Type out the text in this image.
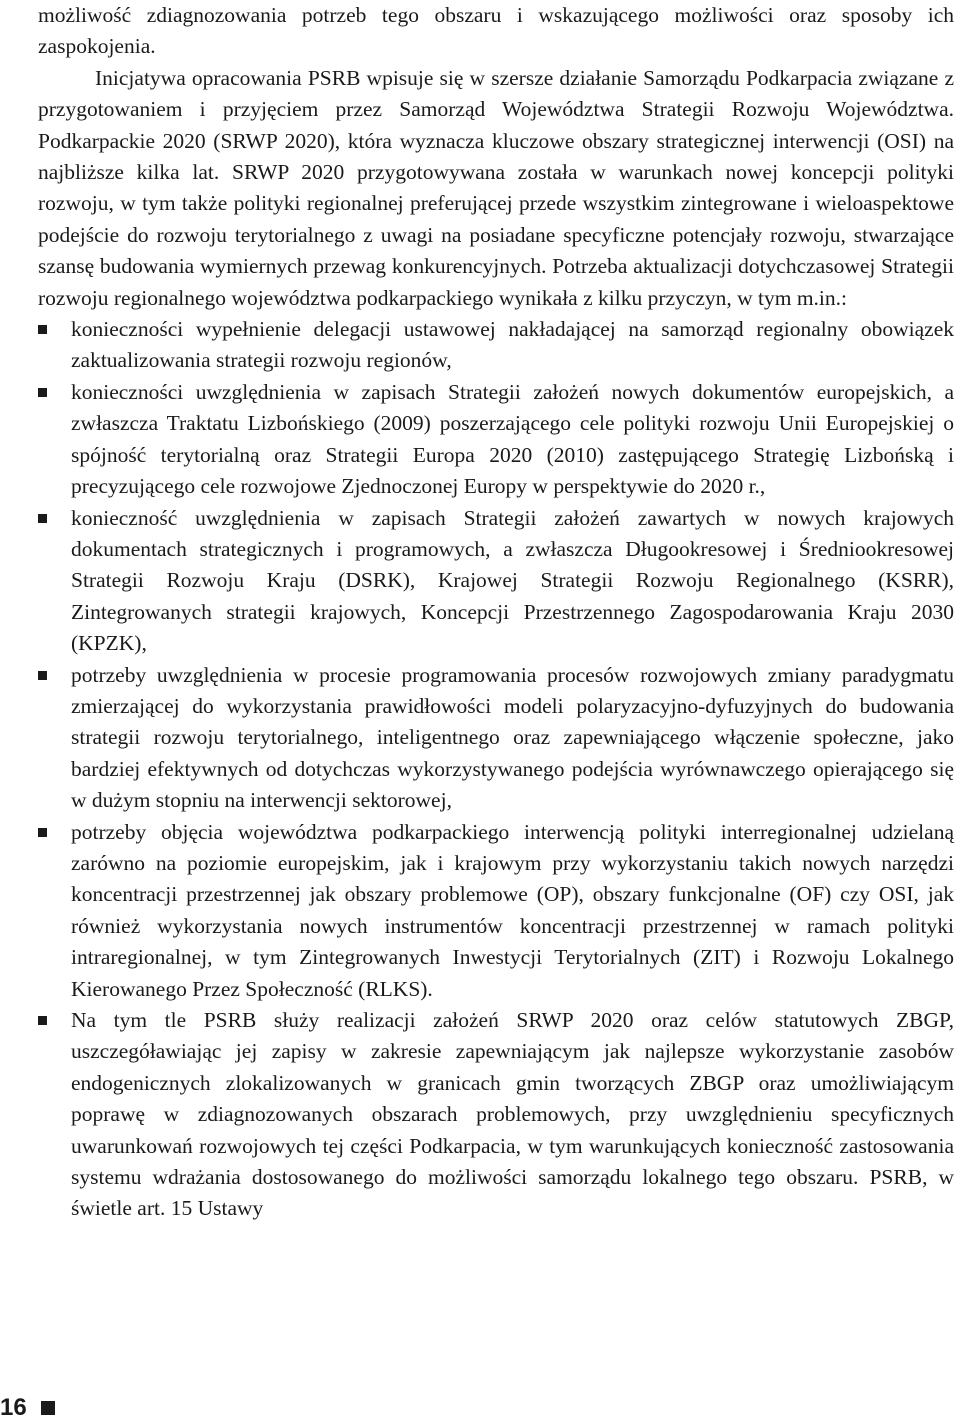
możliwość zdiagnozowania potrzeb tego obszaru i wskazującego możliwości oraz sposoby ich zaspokojenia.

Inicjatywa opracowania PSRB wpisuje się w szersze działanie Samorządu Podkarpacia związane z przygotowaniem i przyjęciem przez Samorząd Województwa Strategii Rozwoju Województwa. Podkarpackie 2020 (SRWP 2020), która wyznacza kluczowe obszary strategicznej interwencji (OSI) na najbliższe kilka lat. SRWP 2020 przygotowywana została w warunkach nowej koncepcji polityki rozwoju, w tym także polityki regionalnej preferującej przede wszystkim zintegrowane i wieloaspektowe podejście do rozwoju terytorialnego z uwagi na posiadane specyficzne potencjały rozwoju, stwarzające szansę budowania wymiernych przewag konkurencyjnych. Potrzeba aktualizacji dotychczasowej Strategii rozwoju regionalnego województwa podkarpackiego wynikała z kilku przyczyn, w tym m.in.:

konieczności wypełnienie delegacji ustawowej nakładającej na samorząd regionalny obowiązek zaktualizowania strategii rozwoju regionów,
konieczności uwzględnienia w zapisach Strategii założeń nowych dokumentów europejskich, a zwłaszcza Traktatu Lizbońskiego (2009) poszerzającego cele polityki rozwoju Unii Europejskiej o spójność terytorialną oraz Strategii Europa 2020 (2010) zastępującego Strategię Lizbońską i precyzującego cele rozwojowe Zjednoczonej Europy w perspektywie do 2020 r.,
konieczność uwzględnienia w zapisach Strategii założeń zawartych w nowych krajowych dokumentach strategicznych i programowych, a zwłaszcza Długookresowej i Średniookresowej Strategii Rozwoju Kraju (DSRK), Krajowej Strategii Rozwoju Regionalnego (KSRR), Zintegrowanych strategii krajowych, Koncepcji Przestrzennego Zagospodarowania Kraju 2030 (KPZK),
potrzeby uwzględnienia w procesie programowania procesów rozwojowych zmiany paradygmatu zmierzającej do wykorzystania prawidłowości modeli polaryzacyjno-dyfuzyjnych do budowania strategii rozwoju terytorialnego, inteligentnego oraz zapewniającego włączenie społeczne, jako bardziej efektywnych od dotychczas wykorzystywanego podejścia wyrównawczego opierającego się w dużym stopniu na interwencji sektorowej,
potrzeby objęcia województwa podkarpackiego interwencją polityki interregionalnej udzielaną zarówno na poziomie europejskim, jak i krajowym przy wykorzystaniu takich nowych narzędzi koncentracji przestrzennej jak obszary problemowe (OP), obszary funkcjonalne (OF) czy OSI, jak również wykorzystania nowych instrumentów koncentracji przestrzennej w ramach polityki intraregionalnej, w tym Zintegrowanych Inwestycji Terytorialnych (ZIT) i Rozwoju Lokalnego Kierowanego Przez Społeczność (RLKS).
Na tym tle PSRB służy realizacji założeń SRWP 2020 oraz celów statutowych ZBGP, uszczegóławiając jej zapisy w zakresie zapewniającym jak najlepsze wykorzystanie zasobów endogenicznych zlokalizowanych w granicach gmin tworzących ZBGP oraz umożliwiającym poprawę w zdiagnozowanych obszarach problemowych, przy uwzględnieniu specyficznych uwarunkowań rozwojowych tej części Podkarpacia, w tym warunkujących konieczność zastosowania systemu wdrażania dostosowanego do możliwości samorządu lokalnego tego obszaru. PSRB, w świetle art. 15 Ustawy
16
